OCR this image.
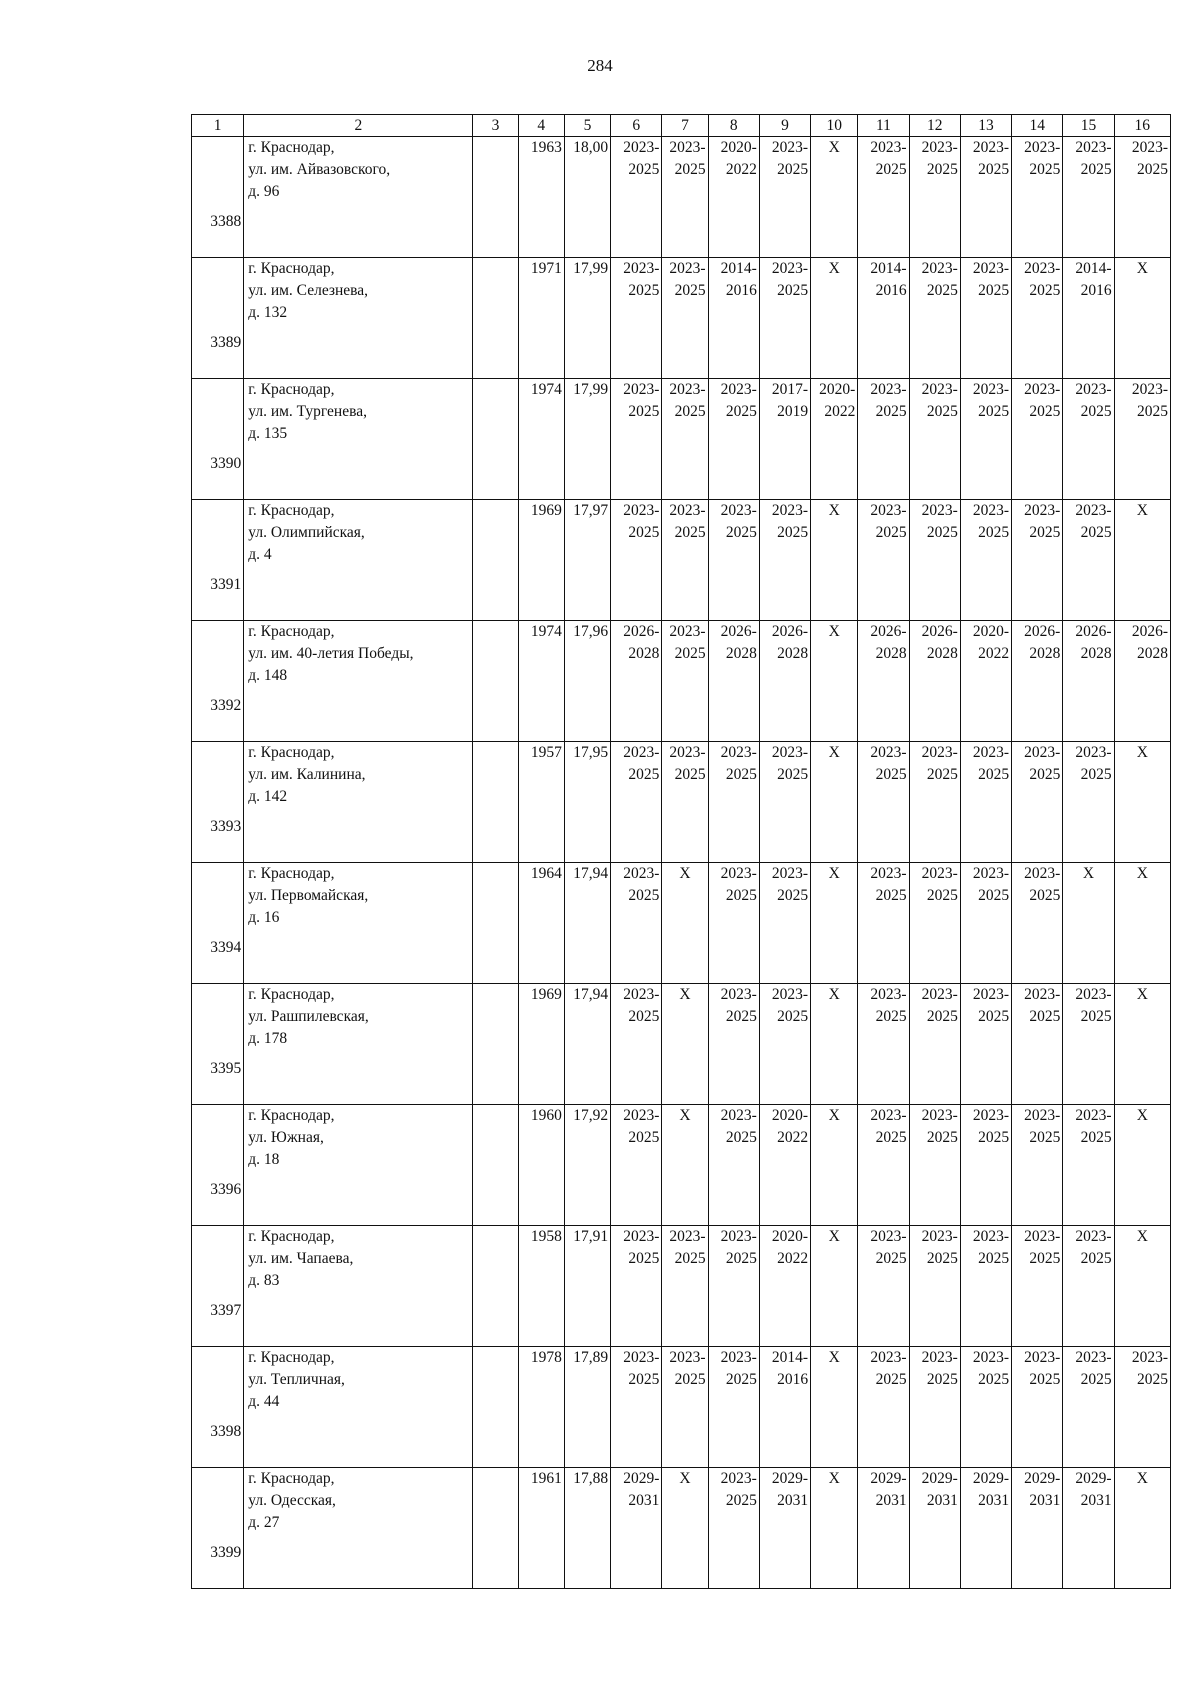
284
1	2	3	4	5	6	7	8	9	10	11	12	13	14	15	16
3388	г. Краснодар,
ул. им. Айвазовского,
д. 96		1963	18,00	2023-
2025	2023-
2025	2020-
2022	2023-
2025	X	2023-
2025	2023-
2025	2023-
2025	2023-
2025	2023-
2025	2023-
2025

3389	г. Краснодар,
ул. им. Селезнева,
д. 132		1971	17,99	2023-
2025	2023-
2025	2014-
2016	2023-
2025	X	2014-
2016	2023-
2025	2023-
2025	2023-
2025	2014-
2016	X
3390	г. Краснодар,
ул. им. Тургенева,
д. 135		1974	17,99	2023-
2025	2023-
2025	2023-
2025	2017-
2019	2020-
2022	2023-
2025	2023-
2025	2023-
2025	2023-
2025	2023-
2025	2023-
2025

3391	г. Краснодар,
ул. Олимпийская,
д. 4		1969	17,97	2023-
2025	2023-
2025	2023-
2025	2023-
2025	X	2023-
2025	2023-
2025	2023-
2025	2023-
2025	2023-
2025	X
3392	г. Краснодар,
ул. им. 40-летия Победы,
д. 148		1974	17,96	2026-
2028	2023-
2025	2026-
2028	2026-
2028	X	2026-
2028	2026-
2028	2020-
2022	2026-
2028	2026-
2028	2026-
2028

3393	г. Краснодар,
ул. им. Калинина,
д. 142		1957	17,95	2023-
2025	2023-
2025	2023-
2025	2023-
2025	X	2023-
2025	2023-
2025	2023-
2025	2023-
2025	2023-
2025	X
3394	г. Краснодар,
ул. Первомайская,
д. 16		1964	17,94	2023-
2025	X	2023-
2025	2023-
2025	X	2023-
2025	2023-
2025	2023-
2025	2023-
2025	X	X
3395	г. Краснодар,
ул. Рашпилевская,
д. 178		1969	17,94	2023-
2025	X	2023-
2025	2023-
2025	X	2023-
2025	2023-
2025	2023-
2025	2023-
2025	2023-
2025	X
3396	г. Краснодар,
ул. Южная,
д. 18		1960	17,92	2023-
2025	X	2023-
2025	2020-
2022	X	2023-
2025	2023-
2025	2023-
2025	2023-
2025	2023-
2025	X
3397	г. Краснодар,
ул. им. Чапаева,
д. 83		1958	17,91	2023-
2025	2023-
2025	2023-
2025	2020-
2022	X	2023-
2025	2023-
2025	2023-
2025	2023-
2025	2023-
2025	X
3398	г. Краснодар,
ул. Тепличная,
д. 44		1978	17,89	2023-
2025	2023-
2025	2023-
2025	2014-
2016	X	2023-
2025	2023-
2025	2023-
2025	2023-
2025	2023-
2025	2023-
2025

3399	г. Краснодар,
ул. Одесская,
д. 27		1961	17,88	2029-
2031	X	2023-
2025	2029-
2031	X	2029-
2031	2029-
2031	2029-
2031	2029-
2031	2029-
2031	X
